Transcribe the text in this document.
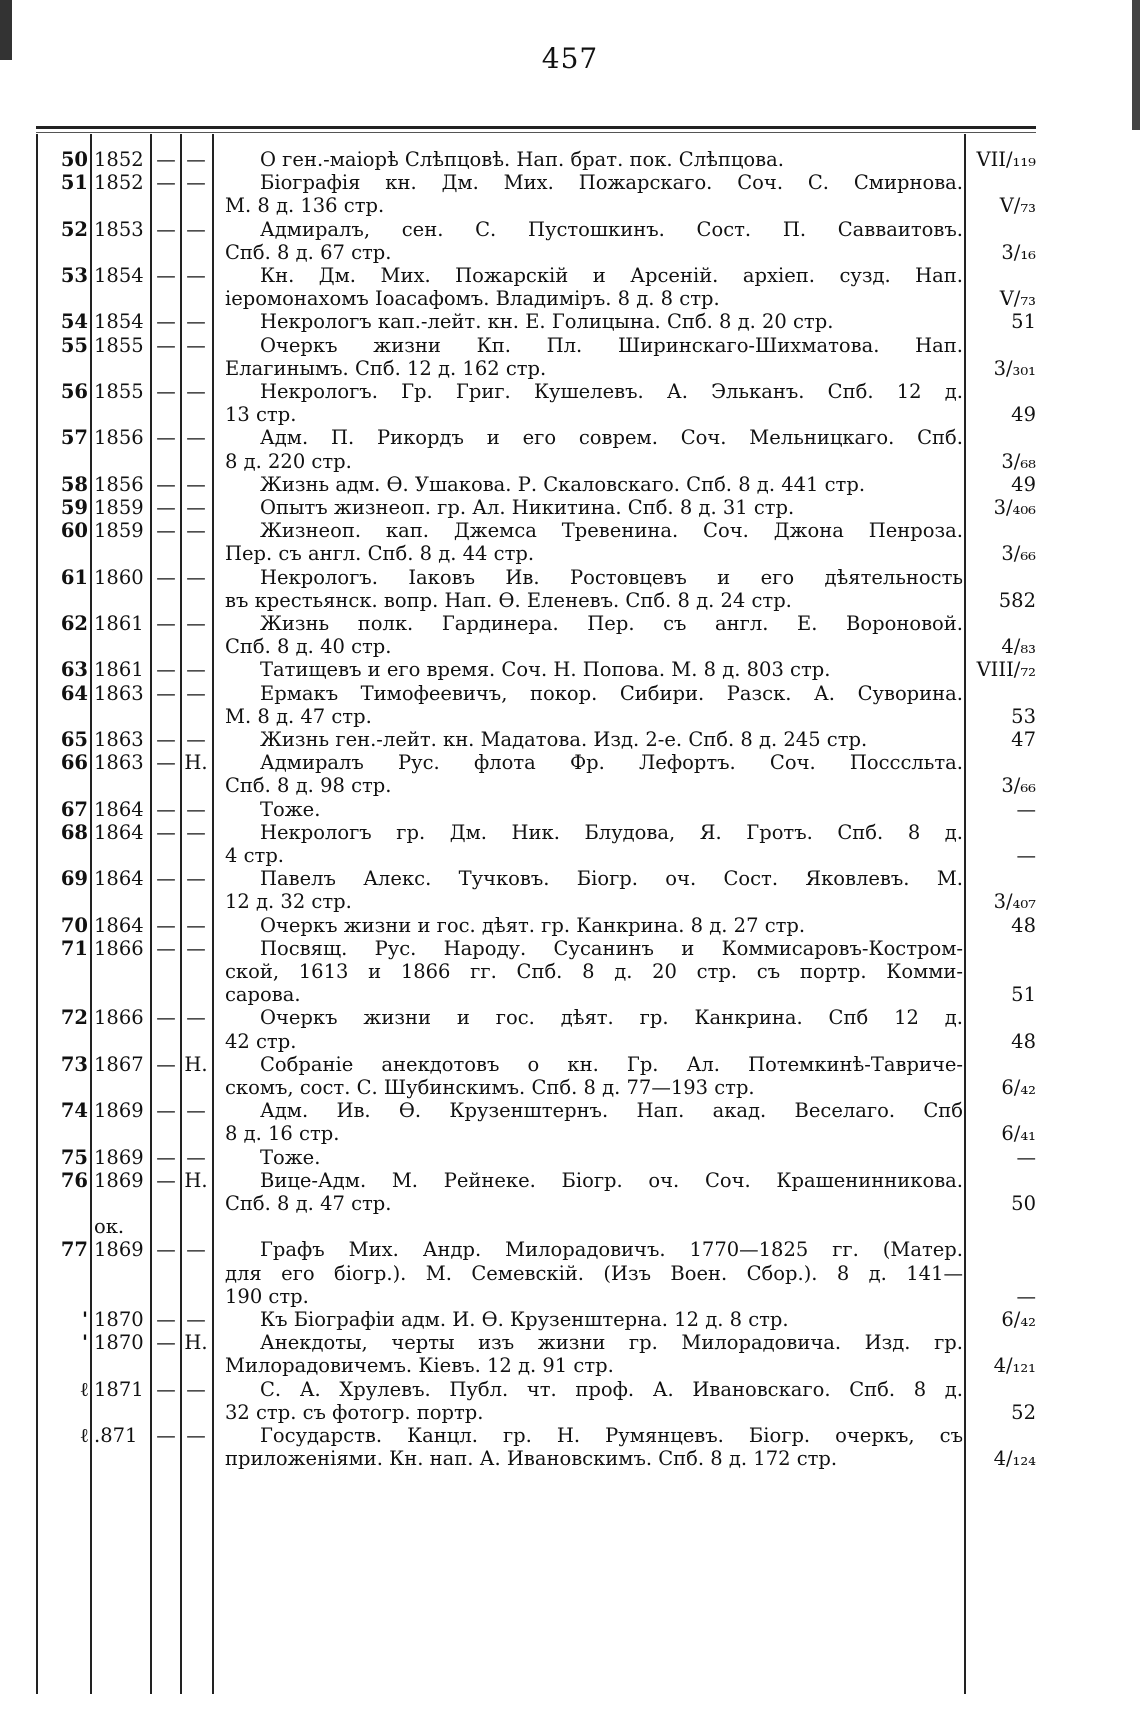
457
50 1852 — —	О ген.-маіорѣ Слѣпцовѣ. Нап. брат. пок. Слѣпцова.	VII/₁₁₉
51 1852 — —	Біографія кн. Дм. Мих. Пожарскаго. Соч. С. Смирнова.
М. 8 д. 136 стр.	V/₇₃
52 1853 — —	Адмиралъ, сен. С. Пустошкинъ. Сост. П. Савваитовъ.
Спб. 8 д. 67 стр.	3/₁₆
53 1854 — —	Кн. Дм. Мих. Пожарскій и Арсеній. архіеп. сузд. Нап.
іеромонахомъ Іоасафомъ. Владиміръ. 8 д. 8 стр.	V/₇₃
54 1854 — —	Некрологъ кап.-лейт. кн. Е. Голицына. Спб. 8 д. 20 стр.	51
55 1855 — —	Очеркъ жизни Кп. Пл. Ширинскаго-Шихматова. Нап.
Елагинымъ. Спб. 12 д. 162 стр.	3/₃₀₁
56 1855 — —	Некрологъ. Гр. Григ. Кушелевъ. А. Эльканъ. Спб. 12 д.
13 стр.	49
57 1856 — —	Адм. П. Рикордъ и его соврем. Соч. Мельницкаго. Спб.
8 д. 220 стр.	3/₆₈
58 1856 — —	Жизнь адм. Ѳ. Ушакова. Р. Скаловскаго. Спб. 8 д. 441 стр.	49
59 1859 — —	Опытъ жизнеоп. гр. Ал. Никитина. Спб. 8 д. 31 стр.	3/₄₀₆
60 1859 — —	Жизнеоп. кап. Джемса Тревенина. Соч. Джона Пенроза.
Пер. съ англ. Спб. 8 д. 44 стр.	3/₆₆
61 1860 — —	Некрологъ. Іаковъ Ив. Ростовцевъ и его дѣятельность
въ крестьянск. вопр. Нап. Ѳ. Еленевъ. Спб. 8 д. 24 стр.	582
62 1861 — —	Жизнь полк. Гардинера. Пер. съ англ. Е. Вороновой.
Спб. 8 д. 40 стр.	4/₈₃
63 1861 — —	Татищевъ и его время. Соч. Н. Попова. М. 8 д. 803 стр.	VIII/₇₂
64 1863 — —	Ермакъ Тимофеевичъ, покор. Сибири. Разск. А. Суворина.
М. 8 д. 47 стр.	53
65 1863 — —	Жизнь ген.-лейт. кн. Мадатова. Изд. 2-е. Спб. 8 д. 245 стр.	47
66 1863 — Н.	Адмиралъ Рус. флота Фр. Лефортъ. Соч. Посссльта.
Спб. 8 д. 98 стр.	3/₆₆
67 1864 — —	Тоже.	—
68 1864 — —	Некрологъ гр. Дм. Ник. Блудова, Я. Гротъ. Спб. 8 д.
4 стр.	—
69 1864 — —	Павелъ Алекс. Тучковъ. Біогр. оч. Сост. Яковлевъ. М.
12 д. 32 стр.	3/₄₀₇
70 1864 — —	Очеркъ жизни и гос. дѣят. гр. Канкрина. 8 д. 27 стр.	48
71 1866 — —	Посвящ. Рус. Народу. Сусанинъ и Коммисаровъ-Костром-
ской, 1613 и 1866 гг. Спб. 8 д. 20 стр. съ портр. Комми-
сарова.	51
72 1866 — —	Очеркъ жизни и гос. дѣят. гр. Канкрина. Спб 12 д.
42 стр.	48
73 1867 — Н.	Собраніе анекдотовъ о кн. Гр. Ал. Потемкинѣ-Тавриче-
скомъ, сост. С. Шубинскимъ. Спб. 8 д. 77—193 стр.	6/₄₂
74 1869 — —	Адм. Ив. Ѳ. Крузенштернъ. Нап. акад. Веселаго. Спб
8 д. 16 стр.	6/₄₁
75 1869 — —	Тоже.	—
76 1869 — Н.	Вице-Адм. М. Рейнеке. Біогр. оч. Соч. Крашенинникова.
Спб. 8 д. 47 стр.	50
ок.
77 1869 — —	Графъ Мих. Андр. Милорадовичъ. 1770—1825 гг. (Матер.
для его біогр.). М. Семевскій. (Изъ Воен. Сбор.). 8 д. 141—
190 стр.	—
' 1870 — —	Къ Біографіи адм. И. Ѳ. Крузенштерна. 12 д. 8 стр.	6/₄₂
' 1870 — Н.	Анекдоты, черты изъ жизни гр. Милорадовича. Изд. гр.
Милорадовичемъ. Кіевъ. 12 д. 91 стр.	4/₁₂₁
ℓ 1871 — —	С. А. Хрулевъ. Публ. чт. проф. А. Ивановскаго. Спб. 8 д.
32 стр. съ фотогр. портр.	52
ℓ .871 — —	Государств. Канцл. гр. Н. Румянцевъ. Біогр. очеркъ, съ
приложеніями. Кн. нап. А. Ивановскимъ. Спб. 8 д. 172 стр.	4/₁₂₄
